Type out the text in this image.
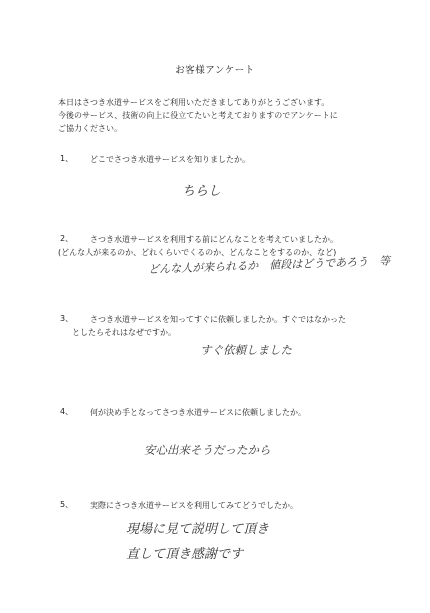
お客様アンケート
本日はさつき水道サービスをご利用いただきましてありがとうございます。
今後のサービス、技術の向上に役立てたいと考えておりますのでアンケートに
ご協力ください。
1、 どこでさつき水道サービスを知りましたか。
ちらし
2、 さつき水道サービスを利用する前にどんなことを考えていましたか。
(どんな人が来るのか、どれくらいでくるのか、どんなことをするのか、など)
どんな人が来られるか　値段はどうであろう　等
3、 さつき水道サービスを知ってすぐに依頼しましたか。すぐではなかった
としたらそれはなぜですか。
すぐ依頼しました
4、 何が決め手となってさつき水道サービスに依頼しましたか。
安心出来そうだったから
5、 実際にさつき水道サービスを利用してみてどうでしたか。
現場に見て説明して頂き
直して頂き感謝です
